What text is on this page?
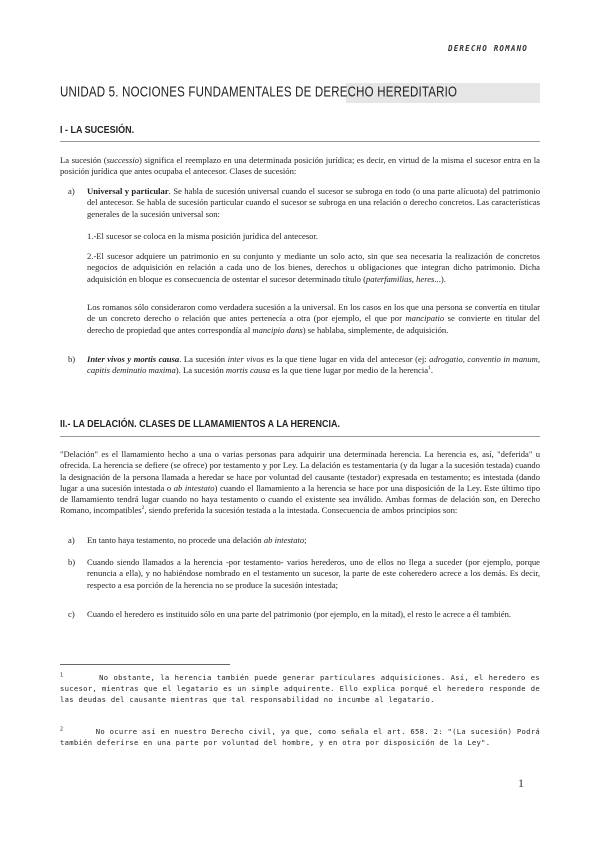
DERECHO ROMANO
UNIDAD 5. NOCIONES FUNDAMENTALES DE DERECHO HEREDITARIO
I - LA SUCESIÓN.
La sucesión (successio) significa el reemplazo en una determinada posición jurídica; es decir, en virtud de la misma el sucesor entra en la posición jurídica que antes ocupaba el antecesor. Clases de sucesión:
a) Universal y particular. Se habla de sucesión universal cuando el sucesor se subroga en todo (o una parte alícuota) del patrimonio del antecesor. Se habla de sucesión particular cuando el sucesor se subroga en una relación o derecho concretos. Las características generales de la sucesión universal son:
1.-El sucesor se coloca en la misma posición jurídica del antecesor.
2.-El sucesor adquiere un patrimonio en su conjunto y mediante un solo acto, sin que sea necesaria la realización de concretos negocios de adquisición en relación a cada uno de los bienes, derechos u obligaciones que integran dicho patrimonio. Dicha adquisición en bloque es consecuencia de ostentar el sucesor determinado título (paterfamilias, heres...).
Los romanos sólo consideraron como verdadera sucesión a la universal. En los casos en los que una persona se convertía en titular de un concreto derecho o relación que antes pertenecía a otra (por ejemplo, el que por mancipatio se convierte en titular del derecho de propiedad que antes correspondía al mancipio dans) se hablaba, simplemente, de adquisición.
b) Inter vivos y mortis causa. La sucesión inter vivos es la que tiene lugar en vida del antecesor (ej: adrogatio, conventio in manum, capitis deminutio maxima). La sucesión mortis causa es la que tiene lugar por medio de la herencia$^1$.
II.- LA DELACIÓN. CLASES DE LLAMAMIENTOS A LA HERENCIA.
"Delación" es el llamamiento hecho a una o varias personas para adquirir una determinada herencia. La herencia es, así, "deferida" u ofrecida. La herencia se defiere (se ofrece) por testamento y por Ley. La delación es testamentaria (y da lugar a la sucesión testada) cuando la designación de la persona llamada a heredar se hace por voluntad del causante (testador) expresada en testamento; es intestada (dando lugar a una sucesión intestada o ab intestato) cuando el llamamiento a la herencia se hace por una disposición de la Ley. Este último tipo de llamamiento tendrá lugar cuando no haya testamento o cuando el existente sea inválido. Ambas formas de delación son, en Derecho Romano, incompatibles$^2$, siendo preferida la sucesión testada a la intestada. Consecuencia de ambos principios son:
a) En tanto haya testamento, no procede una delación ab intestato;
b) Cuando siendo llamados a la herencia -por testamento- varios herederos, uno de ellos no llega a suceder (por ejemplo, porque renuncia a ella), y no habiéndose nombrado en el testamento un sucesor, la parte de este coheredero acrece a los demás. Es decir, respecto a esa porción de la herencia no se produce la sucesión intestada;
c) Cuando el heredero es instituido sólo en una parte del patrimonio (por ejemplo, en la mitad), el resto le acrece a él también.
$^1$	No obstante, la herencia también puede generar particulares adquisiciones. Así, el heredero es sucesor, mientras que el legatario es un simple adquirente. Ello explica porqué el heredero responde de las deudas del causante mientras que tal responsabilidad no incumbe al legatario.
$^2$	No ocurre así en nuestro Derecho civil, ya que, como señala el art. 658. 2: "(La sucesión) Podrá también deferirse en una parte por voluntad del hombre, y en otra por disposición de la Ley".
1
